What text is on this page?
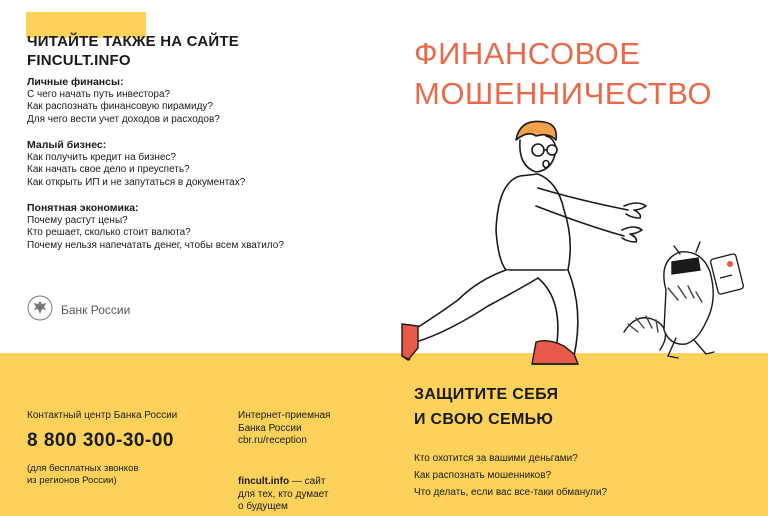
ЧИТАЙТЕ ТАКЖЕ НА САЙТЕ
FINCULT.INFO
Личные финансы:
С чего начать путь инвестора?
Как распознать финансовую пирамиду?
Для чего вести учет доходов и расходов?
Малый бизнес:
Как получить кредит на бизнес?
Как начать свое дело и преуспеть?
Как открыть ИП и не запутаться в документах?
Понятная экономика:
Почему растут цены?
Кто решает, сколько стоит валюта?
Почему нельзя напечатать денег, чтобы всем хватило?
Банк России
ФИНАНСОВОЕ
МОШЕННИЧЕСТВО
Контактный центр Банка России
8 800 300-30-00
(для бесплатных звонков
из регионов России)
Интернет-приемная
Банка России
cbr.ru/reception
fincult.info — сайт
для тех, кто думает
о будущем
ЗАЩИТИТЕ СЕБЯ
И СВОЮ СЕМЬЮ
Кто охотится за вашими деньгами?
Как распознать мошенников?
Что делать, если вас все-таки обманули?
